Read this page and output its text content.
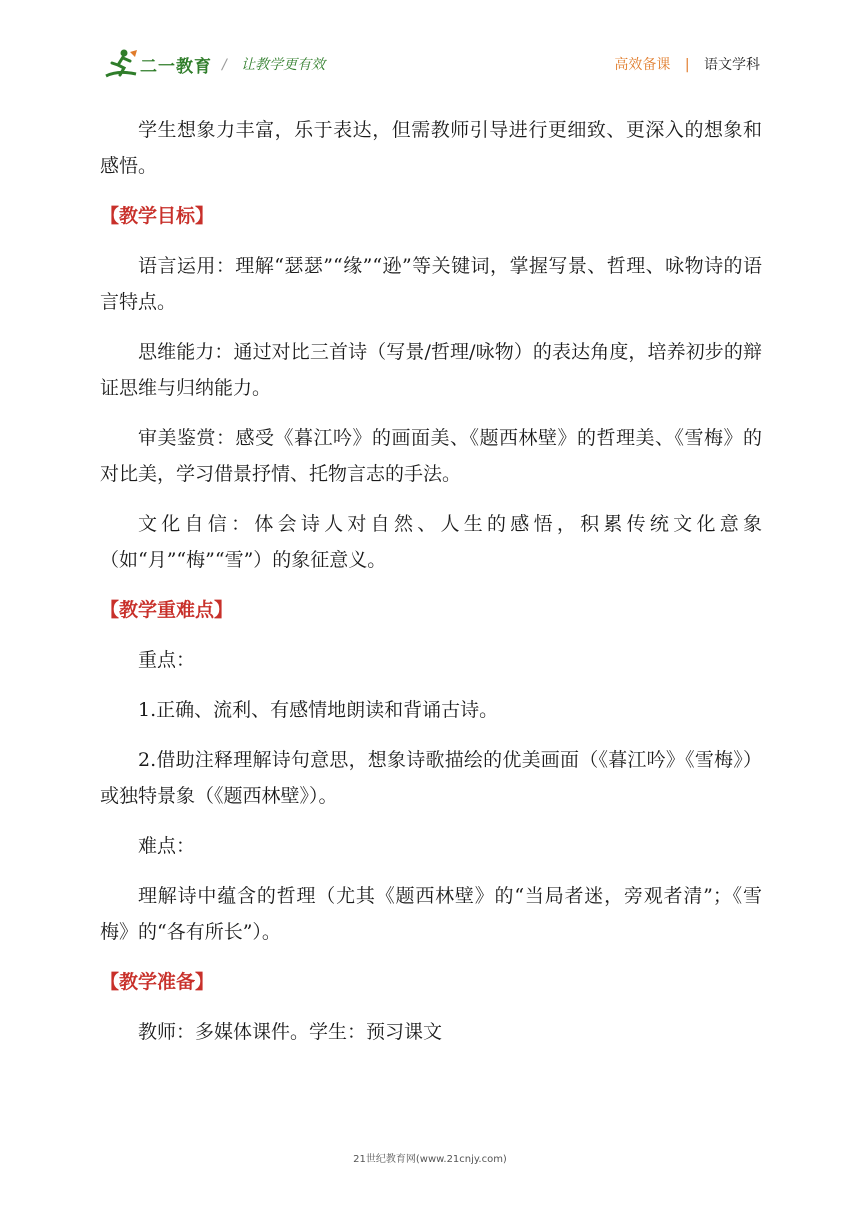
二一教育 / 让教学更有效	高效备课 | 语文学科

学生想象力丰富，乐于表达，但需教师引导进行更细致、更深入的想象和感悟。

【教学目标】

语言运用：理解“瑟瑟”“缘”“逊”等关键词，掌握写景、哲理、咏物诗的语言特点。

思维能力：通过对比三首诗（写景/哲理/咏物）的表达角度，培养初步的辩证思维与归纳能力。

审美鉴赏：感受《暮江吟》的画面美、《题西林壁》的哲理美、《雪梅》的对比美，学习借景抒情、托物言志的手法。

文化自信：体会诗人对自然、人生的感悟，积累传统文化意象（如“月”“梅”“雪”）的象征意义。

【教学重难点】

重点：

1.正确、流利、有感情地朗读和背诵古诗。

2.借助注释理解诗句意思，想象诗歌描绘的优美画面（《暮江吟》《雪梅》）或独特景象（《题西林壁》）。

难点：

理解诗中蕴含的哲理（尤其《题西林壁》的“当局者迷，旁观者清”；《雪梅》的“各有所长”）。

【教学准备】

教师：多媒体课件。学生：预习课文

21世纪教育网(www.21cnjy.com)
